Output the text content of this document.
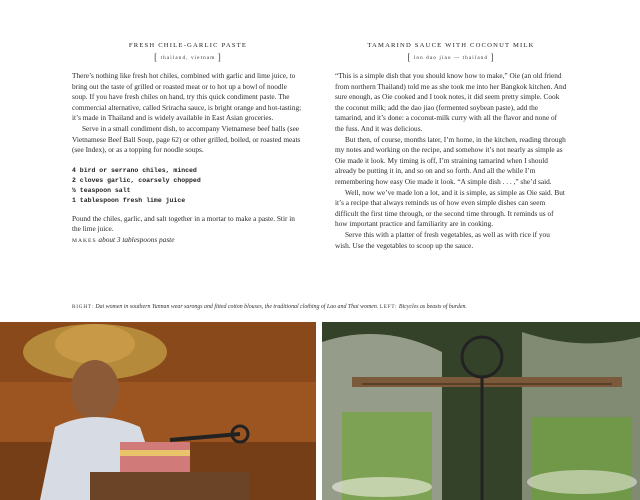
FRESH CHILE-GARLIC PASTE
[ thailand, vietnam ]

There’s nothing like fresh hot chiles, combined with garlic and lime juice, to bring out the taste of grilled or roasted meat or to hot up a bowl of noodle soup. If you have fresh chiles on hand, try this quick condiment paste. The commercial alternative, called Sriracha sauce, is bright orange and hot-tasting; it’s made in Thailand and is widely available in East Asian groceries.

Serve in a small condiment dish, to accompany Vietnamese beef balls (see Vietnamese Beef Ball Soup, page 62) or other grilled, boiled, or roasted meats (see Index), or as a topping for noodle soups.

4 bird or serrano chiles, minced
2 cloves garlic, coarsely chopped
½ teaspoon salt
1 tablespoon fresh lime juice

Pound the chiles, garlic, and salt together in a mortar to make a paste. Stir in the lime juice.

MAKES about 3 tablespoons paste
TAMARIND SAUCE WITH COCONUT MILK
[ lon dao jiao — thailand ]

“This is a simple dish that you should know how to make,” Oie (an old friend from northern Thailand) told me as she took me into her Bangkok kitchen. And sure enough, as Oie cooked and I took notes, it did seem pretty simple. Cook the coconut milk; add the dao jiao (fermented soybean paste), add the tamarind, and it’s done: a coconut-milk curry with all the flavor and none of the fuss. And it was delicious.

But then, of course, months later, I’m home, in the kitchen, reading through my notes and working on the recipe, and somehow it’s not nearly as simple as Oie made it look. My timing is off, I’m straining tamarind when I should already be putting it in, and so on and so forth. And all the while I’m remembering how easy Oie made it look. “A simple dish . . . ,” she’d said.

Well, now we’ve made lon a lot, and it is simple, as simple as Oie said. But it’s a recipe that always reminds us of how even simple dishes can seem difficult the first time through, or the second time through. It reminds us of how important practice and familiarity are in cooking.

Serve this with a platter of fresh vegetables, as well as with rice if you wish. Use the vegetables to scoop up the sauce.

RIGHT: Dai women in southern Yunnan wear sarongs and fitted cotton blouses, the traditional clothing of Lao and Thai women. LEFT: Bicycles as beasts of burden.
